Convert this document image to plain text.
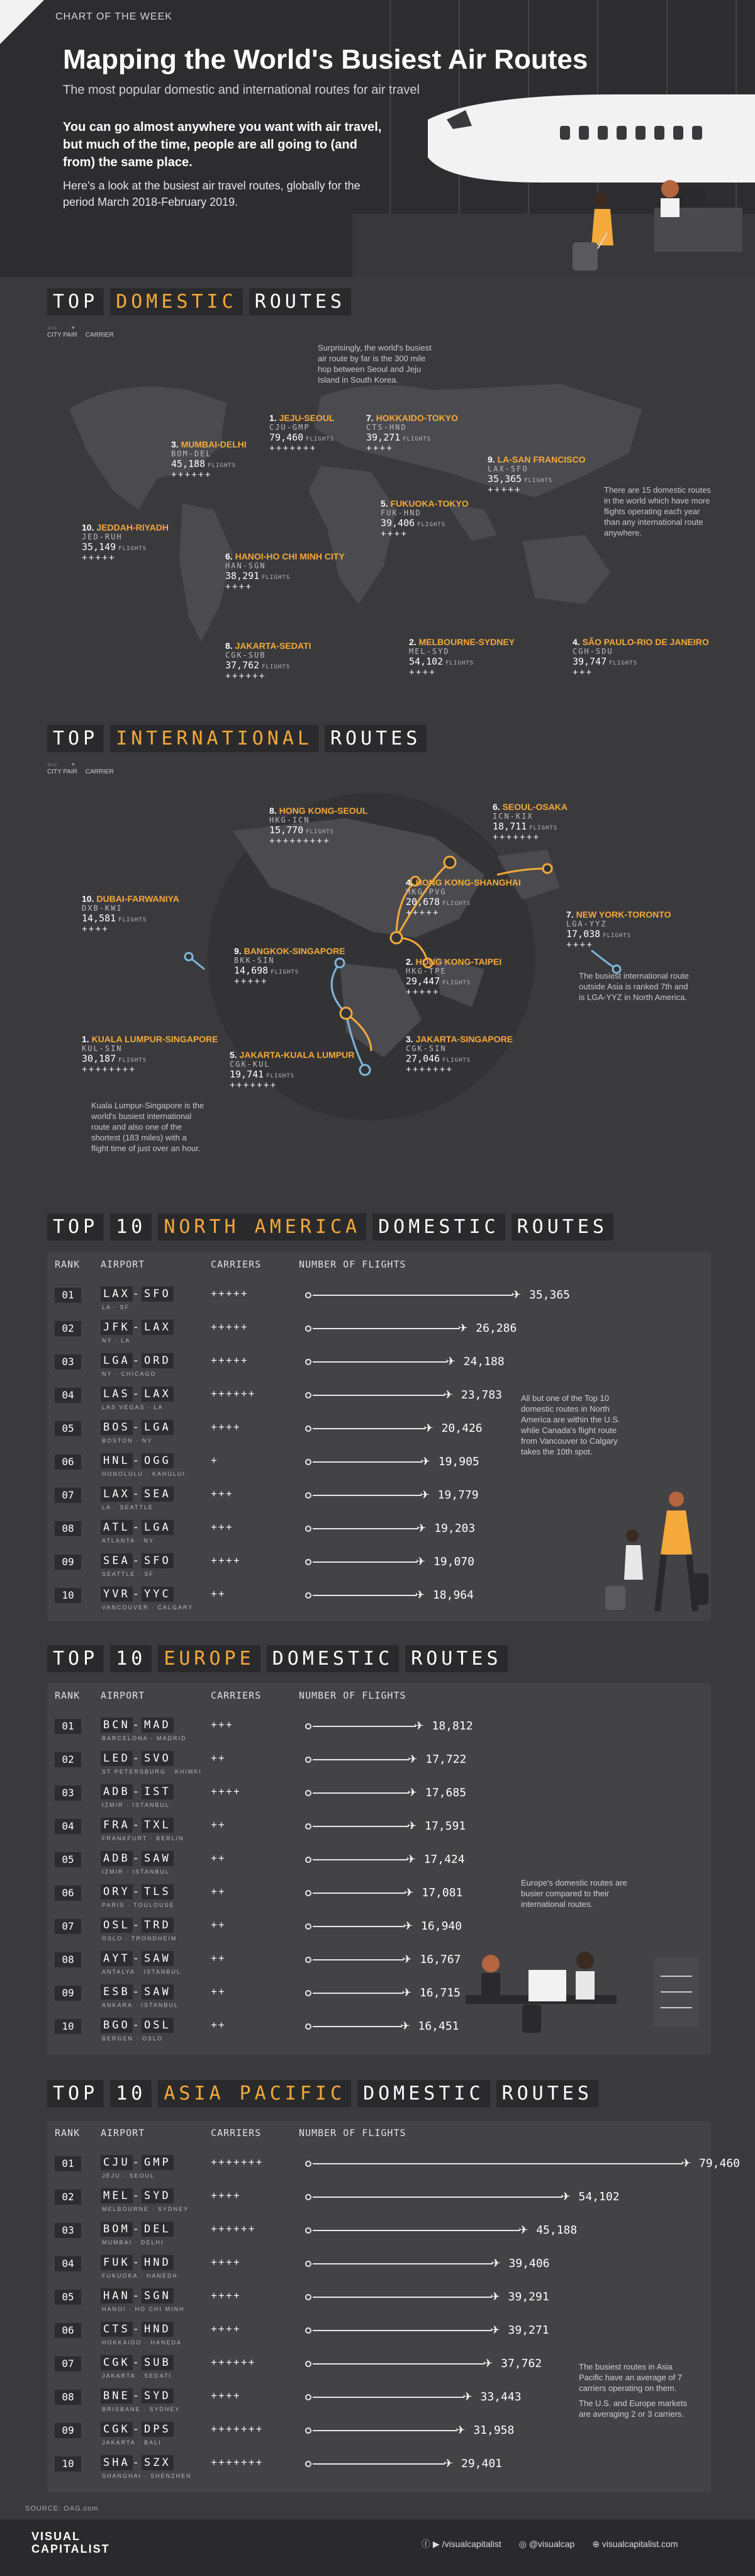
CHART OF THE WEEK
Mapping the World's Busiest Air Routes
The most popular domestic and international routes for air travel
You can go almost anywhere you want with air travel, but much of the time, people are all going to (and from) the same place.
Here's a look at the busiest air travel routes, globally for the period March 2018-February 2019.
TOP DOMESTIC ROUTES
○-○ +
CITY PAIR CARRIER
Surprisingly, the world's busiest air route by far is the 300 mile hop between Seoul and Jeju Island in South Korea.
There are 15 domestic routes in the world which have more flights operating each year than any international route anywhere.
1. JEJU-SEOUL
CJU-GMP
79,460 FLIGHTS
+++++++
2. MELBOURNE-SYDNEY
MEL-SYD
54,102 FLIGHTS
++++
3. MUMBAI-DELHI
BOM-DEL
45,188 FLIGHTS
++++++
4. SÃO PAULO-RIO DE JANEIRO
CGH-SDU
39,747 FLIGHTS
+++
5. FUKUOKA-TOKYO
FUK-HND
39,406 FLIGHTS
++++
6. HANOI-HO CHI MINH CITY
HAN-SGN
38,291 FLIGHTS
++++
7. HOKKAIDO-TOKYO
CTS-HND
39,271 FLIGHTS
++++
8. JAKARTA-SEDATI
CGK-SUB
37,762 FLIGHTS
++++++
9. LA-SAN FRANCISCO
LAX-SFO
35,365 FLIGHTS
+++++
10. JEDDAH-RIYADH
JED-RUH
35,149 FLIGHTS
+++++
TOP INTERNATIONAL ROUTES
○-○ +
CITY PAIR CARRIER
Kuala Lumpur-Singapore is the world's busiest international route and also one of the shortest (183 miles) with a flight time of just over an hour.
The busiest international route outside Asia is ranked 7th and is LGA-YYZ in North America.
1. KUALA LUMPUR-SINGAPORE
KUL-SIN
30,187 FLIGHTS
++++++++
2. HONG KONG-TAIPEI
HKG-TPE
29,447 FLIGHTS
+++++
3. JAKARTA-SINGAPORE
CGK-SIN
27,046 FLIGHTS
+++++++
4. HONG KONG-SHANGHAI
HKG-PVG
20,678 FLIGHTS
+++++
5. JAKARTA-KUALA LUMPUR
CGK-KUL
19,741 FLIGHTS
+++++++
6. SEOUL-OSAKA
ICN-KIX
18,711 FLIGHTS
+++++++
7. NEW YORK-TORONTO
LGA-YYZ
17,038 FLIGHTS
++++
8. HONG KONG-SEOUL
HKG-ICN
15,770 FLIGHTS
+++++++++
9. BANGKOK-SINGAPORE
BKK-SIN
14,698 FLIGHTS
+++++
10. DUBAI-FARWANIYA
DXB-KWI
14,581 FLIGHTS
++++
TOP 10 NORTH AMERICA DOMESTIC ROUTES
RANK AIRPORT	CARRIERS	NUMBER OF FLIGHTS
01	LAX - SFO
LA · SF
+++++	✈ 35,365
02	JFK - LAX
NY · LA
+++++	✈ 26,286
03	LGA - ORD
NY · CHICAGO
+++++	✈ 24,188
04	LAS - LAX
LAS VEGAS · LA
++++++	✈ 23,783
05	BOS - LGA
BOSTON · NY
++++	✈ 20,426
06	HNL - OGG
HONOLULU · KAHULUI
+	✈ 19,905
07	LAX - SEA
LA · SEATTLE
+++	✈ 19,779
08	ATL - LGA
ATLANTA · NY
+++	✈ 19,203
09	SEA - SFO
SEATTLE · SF
++++	✈ 19,070
10	YVR - YYC
VANCOUVER · CALGARY
++	✈ 18,964
All but one of the Top 10 domestic routes in North America are within the U.S. while Canada's flight route from Vancouver to Calgary takes the 10th spot.
TOP 10 EUROPE DOMESTIC ROUTES
RANK AIRPORT	CARRIERS	NUMBER OF FLIGHTS
01	BCN - MAD
BARCELONA · MADRID
+++	✈ 18,812
02	LED - SVO
ST PETERSBURG · KHIMKI
++	✈ 17,722
03	ADB - IST
IZMIR · ISTANBUL
++++	✈ 17,685
04	FRA - TXL
FRANKFURT · BERLIN
++	✈ 17,591
05	ADB - SAW
IZMIR · ISTANBUL
++	✈ 17,424
06	ORY - TLS
PARIS · TOULOUSE
++	✈ 17,081
07	OSL - TRD
OSLO · TRONDHEIM
++	✈ 16,940
08	AYT - SAW
ANTALYA · ISTANBUL
++	✈ 16,767
09	ESB - SAW
ANKARA · ISTANBUL
++	✈ 16,715
10	BGO - OSL
BERGEN · OSLO
++	✈ 16,451
Europe's domestic routes are busier compared to their international routes.
TOP 10 ASIA PACIFIC DOMESTIC ROUTES
RANK AIRPORT	CARRIERS	NUMBER OF FLIGHTS
01	CJU - GMP
JEJU · SEOUL
+++++++	✈ 79,460
02	MEL - SYD
MELBOURNE · SYDNEY
++++	✈ 54,102
03	BOM - DEL
MUMBAI · DELHI
++++++	✈ 45,188
04	FUK - HND
FUKUOKA · HANEDA
++++	✈ 39,406
05	HAN - SGN
HANOI · HO CHI MINH
++++	✈ 39,291
06	CTS - HND
HOKKAIDO · HANEDA
++++	✈ 39,271
07	CGK - SUB
JAKARTA · SEDATI
++++++	✈ 37,762
08	BNE - SYD
BRISBANE · SYDNEY
++++	✈ 33,443
09	CGK - DPS
JAKARTA · BALI
+++++++	✈ 31,958
10	SHA - SZX
SHANGHAI · SHENZHEN
+++++++	✈ 29,401
The busiest routes in Asia Pacific have an average of 7 carriers operating on them.
The U.S. and Europe markets are averaging 2 or 3 carriers.
SOURCE: OAG.com
VISUAL CAPITALIST	ⓕ ▶ /visualcapitalist ◎ @visualcap ⊕ visualcapitalist.com
